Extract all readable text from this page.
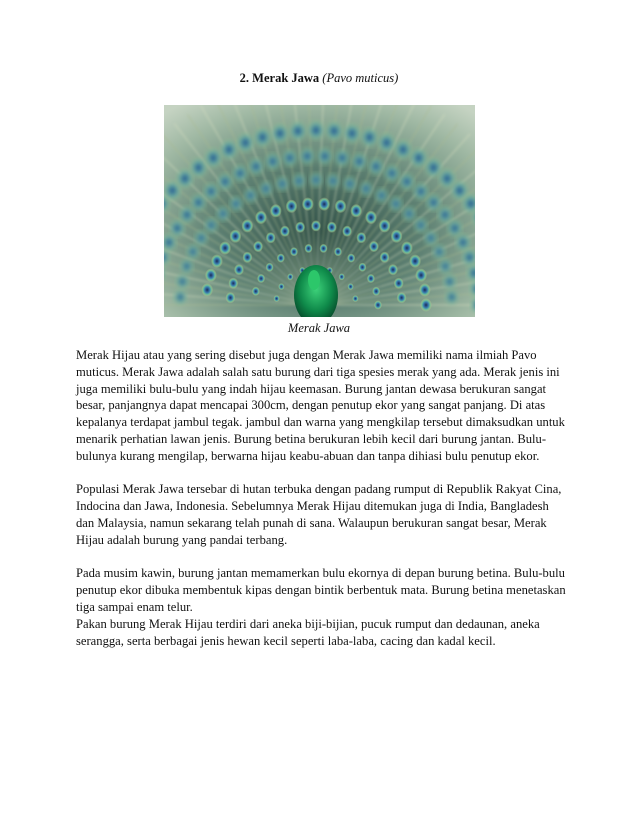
2. Merak Jawa (Pavo muticus)
Merak Jawa

Merak Hijau atau yang sering disebut juga dengan Merak Jawa memiliki nama ilmiah Pavo
muticus. Merak Jawa adalah salah satu burung dari tiga spesies merak yang ada. Merak jenis ini
juga memiliki bulu-bulu yang indah hijau keemasan. Burung jantan dewasa berukuran sangat
besar, panjangnya dapat mencapai 300cm, dengan penutup ekor yang sangat panjang. Di atas
kepalanya terdapat jambul tegak. jambul dan warna yang mengkilap tersebut dimaksudkan untuk
menarik perhatian lawan jenis. Burung betina berukuran lebih kecil dari burung jantan. Bulu-
bulunya kurang mengilap, berwarna hijau keabu-abuan dan tanpa dihiasi bulu penutup ekor.

Populasi Merak Jawa tersebar di hutan terbuka dengan padang rumput di Republik Rakyat Cina,
Indocina dan Jawa, Indonesia. Sebelumnya Merak Hijau ditemukan juga di India, Bangladesh
dan Malaysia, namun sekarang telah punah di sana. Walaupun berukuran sangat besar, Merak
Hijau adalah burung yang pandai terbang.

Pada musim kawin, burung jantan memamerkan bulu ekornya di depan burung betina. Bulu-bulu
penutup ekor dibuka membentuk kipas dengan bintik berbentuk mata. Burung betina menetaskan
tiga sampai enam telur.

Pakan burung Merak Hijau terdiri dari aneka biji-bijian, pucuk rumput dan dedaunan, aneka
serangga, serta berbagai jenis hewan kecil seperti laba-laba, cacing dan kadal kecil.
